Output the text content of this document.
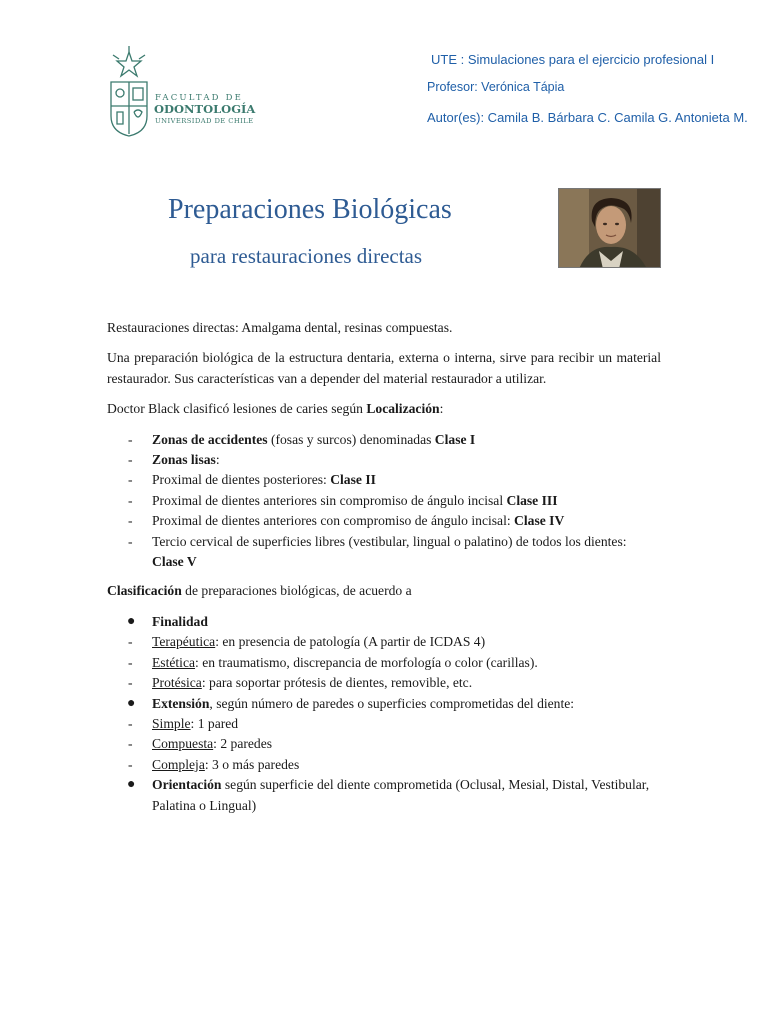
FACULTAD DE
ODONTOLOGÍA
UNIVERSIDAD DE CHILE
UTE : Simulaciones para el ejercicio profesional I
Profesor: Verónica Tápia
Autor(es): Camila B. Bárbara C. Camila G. Antonieta M.
Preparaciones Biológicas
para restauraciones directas

Restauraciones directas: Amalgama dental, resinas compuestas.

Una preparación biológica de la estructura dentaria, externa o interna, sirve para recibir un material restaurador. Sus características van a depender del material restaurador a utilizar.

Doctor Black clasificó lesiones de caries según Localización:

- Zonas de accidentes (fosas y surcos) denominadas Clase I
- Zonas lisas:
- Proximal de dientes posteriores: Clase II
- Proximal de dientes anteriores sin compromiso de ángulo incisal Clase III
- Proximal de dientes anteriores con compromiso de ángulo incisal: Clase IV
- Tercio cervical de superficies libres (vestibular, lingual o palatino) de todos los dientes: Clase V

Clasificación de preparaciones biológicas, de acuerdo a

● Finalidad
- Terapéutica: en presencia de patología (A partir de ICDAS 4)
- Estética: en traumatismo, discrepancia de morfología o color (carillas).
- Protésica: para soportar prótesis de dientes, removible, etc.
● Extensión, según número de paredes o superficies comprometidas del diente:
- Simple: 1 pared
- Compuesta: 2 paredes
- Compleja: 3 o más paredes
● Orientación según superficie del diente comprometida (Oclusal, Mesial, Distal, Vestibular, Palatina o Lingual)
